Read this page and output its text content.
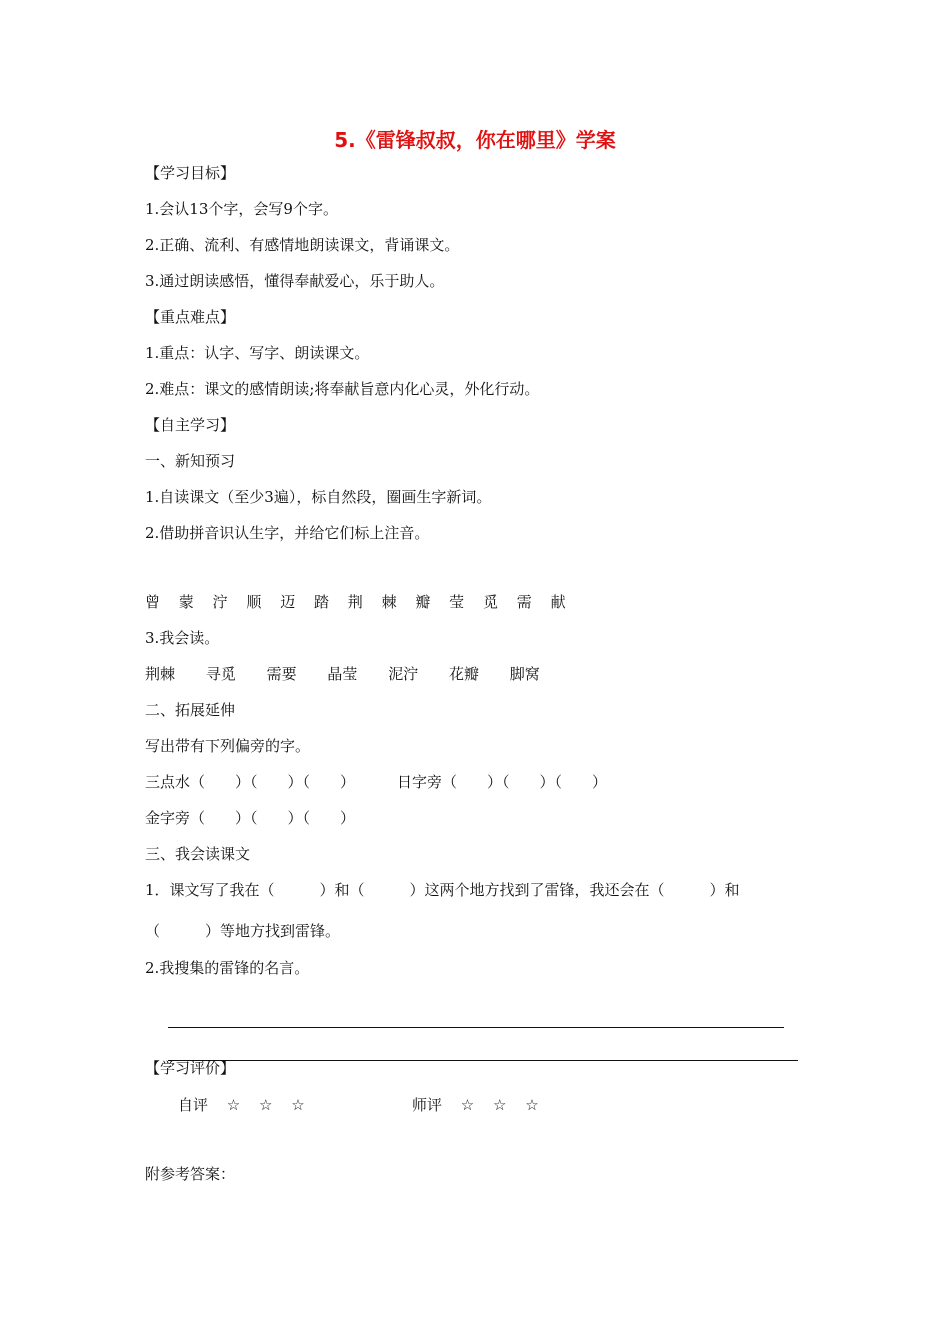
5.《雷锋叔叔，你在哪里》学案
【学习目标】
1.会认13个字，会写9个字。
2.正确、流利、有感情地朗读课文，背诵课文。
3.通过朗读感悟，懂得奉献爱心，乐于助人。
【重点难点】
1.重点：认字、写字、朗读课文。
2.难点：课文的感情朗读;将奉献旨意内化心灵，外化行动。
【自主学习】
一、新知预习
1.自读课文（至少3遍），标自然段，圈画生字新词。
2.借助拼音识认生字，并给它们标上注音。
曾 蒙 泞 顺 迈 踏 荆 棘 瓣 莹 觅 需 献
3.我会读。
荆棘 寻觅 需要 晶莹 泥泞 花瓣 脚窝
二、拓展延伸
写出带有下列偏旁的字。
三点水（　　）（　　）（　　）	日字旁（　　）（　　）（　　）
金字旁（　　）（　　）（　　）
三、我会读课文
1．课文写了我在（　　　）和（　　　）这两个地方找到了雷锋，我还会在（　　　）和
（　　　）等地方找到雷锋。
2.我搜集的雷锋的名言。
【学习评价】
自评 ☆ ☆ ☆	师评 ☆ ☆ ☆
附参考答案：
